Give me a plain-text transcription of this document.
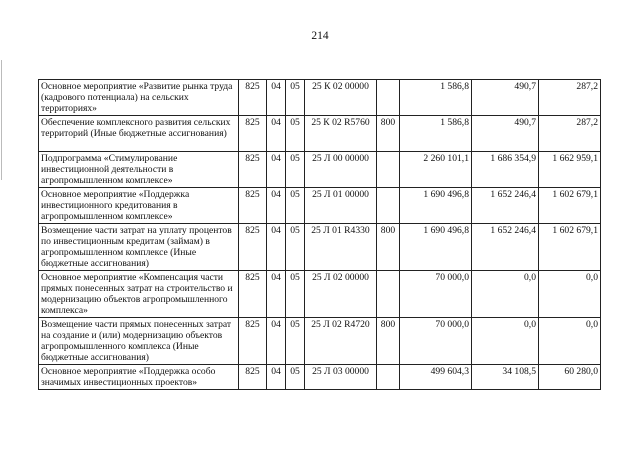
214
Основное мероприятие «Развитие рынка труда (кадрового потенциала) на сельских территориях»	825	04	05	25 К 02 00000		1 586,8	490,7	287,2
Обеспечение комплексного развития сельских территорий (Иные бюджетные ассигнования)	825	04	05	25 К 02 R5760	800	1 586,8	490,7	287,2
Подпрограмма «Стимулирование инвестиционной деятельности в агропромышленном комплексе»	825	04	05	25 Л 00 00000		2 260 101,1	1 686 354,9	1 662 959,1
Основное мероприятие «Поддержка инвестиционного кредитования в агропромышленном комплексе»	825	04	05	25 Л 01 00000		1 690 496,8	1 652 246,4	1 602 679,1
Возмещение части затрат на уплату процентов по инвестиционным кредитам (займам) в агропромышленном комплексе (Иные бюджетные ассигнования)	825	04	05	25 Л 01 R4330	800	1 690 496,8	1 652 246,4	1 602 679,1
Основное мероприятие «Компенсация части прямых понесенных затрат на строительство и модернизацию объектов агропромышленного комплекса»	825	04	05	25 Л 02 00000		70 000,0	0,0	0,0
Возмещение части прямых понесенных затрат на создание и (или) модернизацию объектов агропромышленного комплекса (Иные бюджетные ассигнования)	825	04	05	25 Л 02 R4720	800	70 000,0	0,0	0,0
Основное мероприятие «Поддержка особо значимых инвестиционных проектов»	825	04	05	25 Л 03 00000		499 604,3	34 108,5	60 280,0
